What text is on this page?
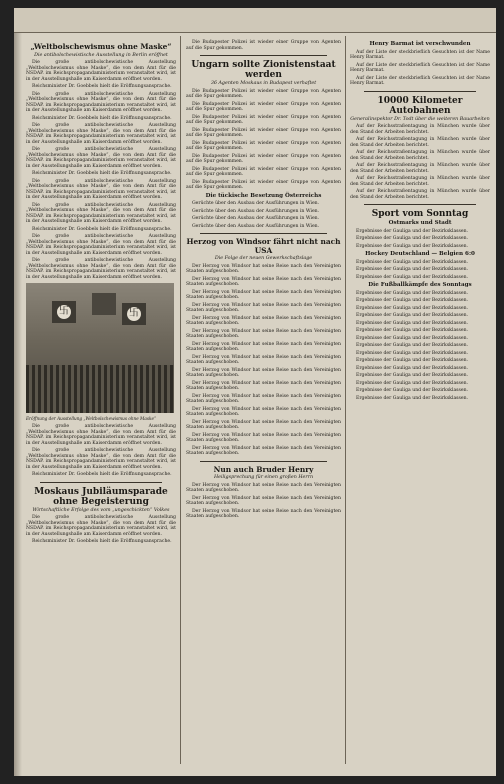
„Weltbolschewismus ohne Maske“
Die antibolschewistische Ausstellung in Berlin eröffnet

Die große antibolschewistische Ausstellung „Weltbolschewismus ohne Maske“, die von dem Amt für die NSDAP. im Reichspropagandaministerium veranstaltet wird, ist in der Ausstellungshalle am Kaiserdamm eröffnet worden.

Reichsminister Dr. Goebbels hielt die Eröffnungsansprache.

Die große antibolschewistische Ausstellung „Weltbolschewismus ohne Maske“, die von dem Amt für die NSDAP. im Reichspropagandaministerium veranstaltet wird, ist in der Ausstellungshalle am Kaiserdamm eröffnet worden.

Reichsminister Dr. Goebbels hielt die Eröffnungsansprache.

Die große antibolschewistische Ausstellung „Weltbolschewismus ohne Maske“, die von dem Amt für die NSDAP. im Reichspropagandaministerium veranstaltet wird, ist in der Ausstellungshalle am Kaiserdamm eröffnet worden.

Die große antibolschewistische Ausstellung „Weltbolschewismus ohne Maske“, die von dem Amt für die NSDAP. im Reichspropagandaministerium veranstaltet wird, ist in der Ausstellungshalle am Kaiserdamm eröffnet worden.

Reichsminister Dr. Goebbels hielt die Eröffnungsansprache.

Die große antibolschewistische Ausstellung „Weltbolschewismus ohne Maske“, die von dem Amt für die NSDAP. im Reichspropagandaministerium veranstaltet wird, ist in der Ausstellungshalle am Kaiserdamm eröffnet worden.

Die große antibolschewistische Ausstellung „Weltbolschewismus ohne Maske“, die von dem Amt für die NSDAP. im Reichspropagandaministerium veranstaltet wird, ist in der Ausstellungshalle am Kaiserdamm eröffnet worden.

Reichsminister Dr. Goebbels hielt die Eröffnungsansprache.

Die große antibolschewistische Ausstellung „Weltbolschewismus ohne Maske“, die von dem Amt für die NSDAP. im Reichspropagandaministerium veranstaltet wird, ist in der Ausstellungshalle am Kaiserdamm eröffnet worden.

Die große antibolschewistische Ausstellung „Weltbolschewismus ohne Maske“, die von dem Amt für die NSDAP. im Reichspropagandaministerium veranstaltet wird, ist in der Ausstellungshalle am Kaiserdamm eröffnet worden.

卐
卐
Eröffnung der Ausstellung „Weltbolschewismus ohne Maske“

Die große antibolschewistische Ausstellung „Weltbolschewismus ohne Maske“, die von dem Amt für die NSDAP. im Reichspropagandaministerium veranstaltet wird, ist in der Ausstellungshalle am Kaiserdamm eröffnet worden.

Die große antibolschewistische Ausstellung „Weltbolschewismus ohne Maske“, die von dem Amt für die NSDAP. im Reichspropagandaministerium veranstaltet wird, ist in der Ausstellungshalle am Kaiserdamm eröffnet worden.

Reichsminister Dr. Goebbels hielt die Eröffnungsansprache.

Moskaus Jubiläumsparade ohne Begeisterung
Wirtschaftliche Erfolge des vom „ungeschickten“ Volkes

Die große antibolschewistische Ausstellung „Weltbolschewismus ohne Maske“, die von dem Amt für die NSDAP. im Reichspropagandaministerium veranstaltet wird, ist in der Ausstellungshalle am Kaiserdamm eröffnet worden.

Reichsminister Dr. Goebbels hielt die Eröffnungsansprache.

Die Budapester Polizei ist wieder einer Gruppe von Agenten auf die Spur gekommen.

Ungarn sollte Zionistenstaat werden
36 Agenten Moskaus in Budapest verhaftet

Die Budapester Polizei ist wieder einer Gruppe von Agenten auf die Spur gekommen.

Die Budapester Polizei ist wieder einer Gruppe von Agenten auf die Spur gekommen.

Die Budapester Polizei ist wieder einer Gruppe von Agenten auf die Spur gekommen.

Die Budapester Polizei ist wieder einer Gruppe von Agenten auf die Spur gekommen.

Die Budapester Polizei ist wieder einer Gruppe von Agenten auf die Spur gekommen.

Die Budapester Polizei ist wieder einer Gruppe von Agenten auf die Spur gekommen.

Die Budapester Polizei ist wieder einer Gruppe von Agenten auf die Spur gekommen.

Die Budapester Polizei ist wieder einer Gruppe von Agenten auf die Spur gekommen.

Die tückische Besetzung Österreichs

Gerüchte über den Ausbau der Ausführungen in Wien.

Gerüchte über den Ausbau der Ausführungen in Wien.

Gerüchte über den Ausbau der Ausführungen in Wien.

Gerüchte über den Ausbau der Ausführungen in Wien.

Herzog von Windsor fährt nicht nach USA
Die Folge der neuen Gewerkschaftslage

Der Herzog von Windsor hat seine Reise nach den Vereinigten Staaten aufgeschoben.

Der Herzog von Windsor hat seine Reise nach den Vereinigten Staaten aufgeschoben.

Der Herzog von Windsor hat seine Reise nach den Vereinigten Staaten aufgeschoben.

Der Herzog von Windsor hat seine Reise nach den Vereinigten Staaten aufgeschoben.

Der Herzog von Windsor hat seine Reise nach den Vereinigten Staaten aufgeschoben.

Der Herzog von Windsor hat seine Reise nach den Vereinigten Staaten aufgeschoben.

Der Herzog von Windsor hat seine Reise nach den Vereinigten Staaten aufgeschoben.

Der Herzog von Windsor hat seine Reise nach den Vereinigten Staaten aufgeschoben.

Der Herzog von Windsor hat seine Reise nach den Vereinigten Staaten aufgeschoben.

Der Herzog von Windsor hat seine Reise nach den Vereinigten Staaten aufgeschoben.

Der Herzog von Windsor hat seine Reise nach den Vereinigten Staaten aufgeschoben.

Der Herzog von Windsor hat seine Reise nach den Vereinigten Staaten aufgeschoben.

Der Herzog von Windsor hat seine Reise nach den Vereinigten Staaten aufgeschoben.

Der Herzog von Windsor hat seine Reise nach den Vereinigten Staaten aufgeschoben.

Der Herzog von Windsor hat seine Reise nach den Vereinigten Staaten aufgeschoben.

Nun auch Bruder Henry
Heiligsprechung für einen großen Herrn

Der Herzog von Windsor hat seine Reise nach den Vereinigten Staaten aufgeschoben.

Der Herzog von Windsor hat seine Reise nach den Vereinigten Staaten aufgeschoben.

Der Herzog von Windsor hat seine Reise nach den Vereinigten Staaten aufgeschoben.

Henry Barmat ist verschwunden

Auf der Liste der steckbrieflich Gesuchten ist der Name Henry Barmat.

Auf der Liste der steckbrieflich Gesuchten ist der Name Henry Barmat.

Auf der Liste der steckbrieflich Gesuchten ist der Name Henry Barmat.

10000 Kilometer Autobahnen
Generalinspektor Dr. Todt über die weiteren Bauarbeiten

Auf der Reichsstraßentagung in München wurde über den Stand der Arbeiten berichtet.

Auf der Reichsstraßentagung in München wurde über den Stand der Arbeiten berichtet.

Auf der Reichsstraßentagung in München wurde über den Stand der Arbeiten berichtet.

Auf der Reichsstraßentagung in München wurde über den Stand der Arbeiten berichtet.

Auf der Reichsstraßentagung in München wurde über den Stand der Arbeiten berichtet.

Auf der Reichsstraßentagung in München wurde über den Stand der Arbeiten berichtet.

Sport vom Sonntag
Ostmarks und Stadt

Ergebnisse der Gauliga und der Bezirksklassen.

Ergebnisse der Gauliga und der Bezirksklassen.

Ergebnisse der Gauliga und der Bezirksklassen.

Hockey Deutschland — Belgien 6:0

Ergebnisse der Gauliga und der Bezirksklassen.

Ergebnisse der Gauliga und der Bezirksklassen.

Ergebnisse der Gauliga und der Bezirksklassen.

Die Fußballkämpfe des Sonntags

Ergebnisse der Gauliga und der Bezirksklassen.

Ergebnisse der Gauliga und der Bezirksklassen.

Ergebnisse der Gauliga und der Bezirksklassen.

Ergebnisse der Gauliga und der Bezirksklassen.

Ergebnisse der Gauliga und der Bezirksklassen.

Ergebnisse der Gauliga und der Bezirksklassen.

Ergebnisse der Gauliga und der Bezirksklassen.

Ergebnisse der Gauliga und der Bezirksklassen.

Ergebnisse der Gauliga und der Bezirksklassen.

Ergebnisse der Gauliga und der Bezirksklassen.

Ergebnisse der Gauliga und der Bezirksklassen.

Ergebnisse der Gauliga und der Bezirksklassen.

Ergebnisse der Gauliga und der Bezirksklassen.

Ergebnisse der Gauliga und der Bezirksklassen.

Ergebnisse der Gauliga und der Bezirksklassen.
